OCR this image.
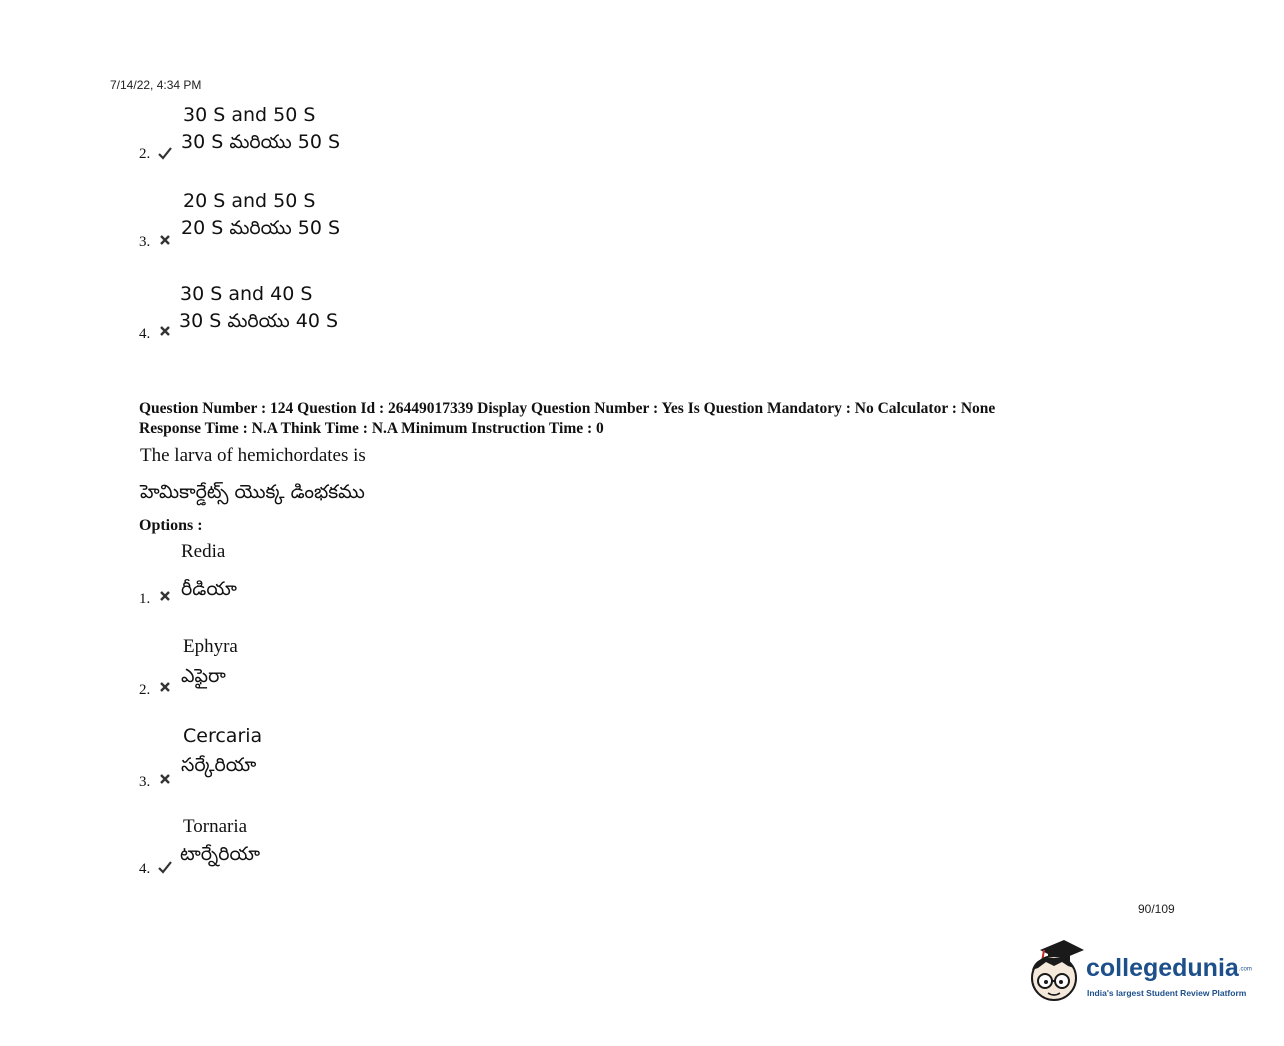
7/14/22, 4:34 PM
30 S and 50 S
30 S మరియు 50 S
2.
20 S and 50 S
20 S మరియు 50 S
3.
30 S and 40 S
30 S మరియు 40 S
4.
Question Number : 124 Question Id : 26449017339 Display Question Number : Yes Is Question Mandatory : No Calculator : None
Response Time : N.A Think Time : N.A Minimum Instruction Time : 0
The larva of hemichordates is
హెమికార్డేట్స్ యొక్క డింభకము
Options :
Redia
రీడియా
1.
Ephyra
ఎఫైరా
2.
Cercaria
సర్కేరియా
3.
Tornaria
టార్నేరియా
4.
90/109
collegedunia.com
India's largest Student Review Platform
